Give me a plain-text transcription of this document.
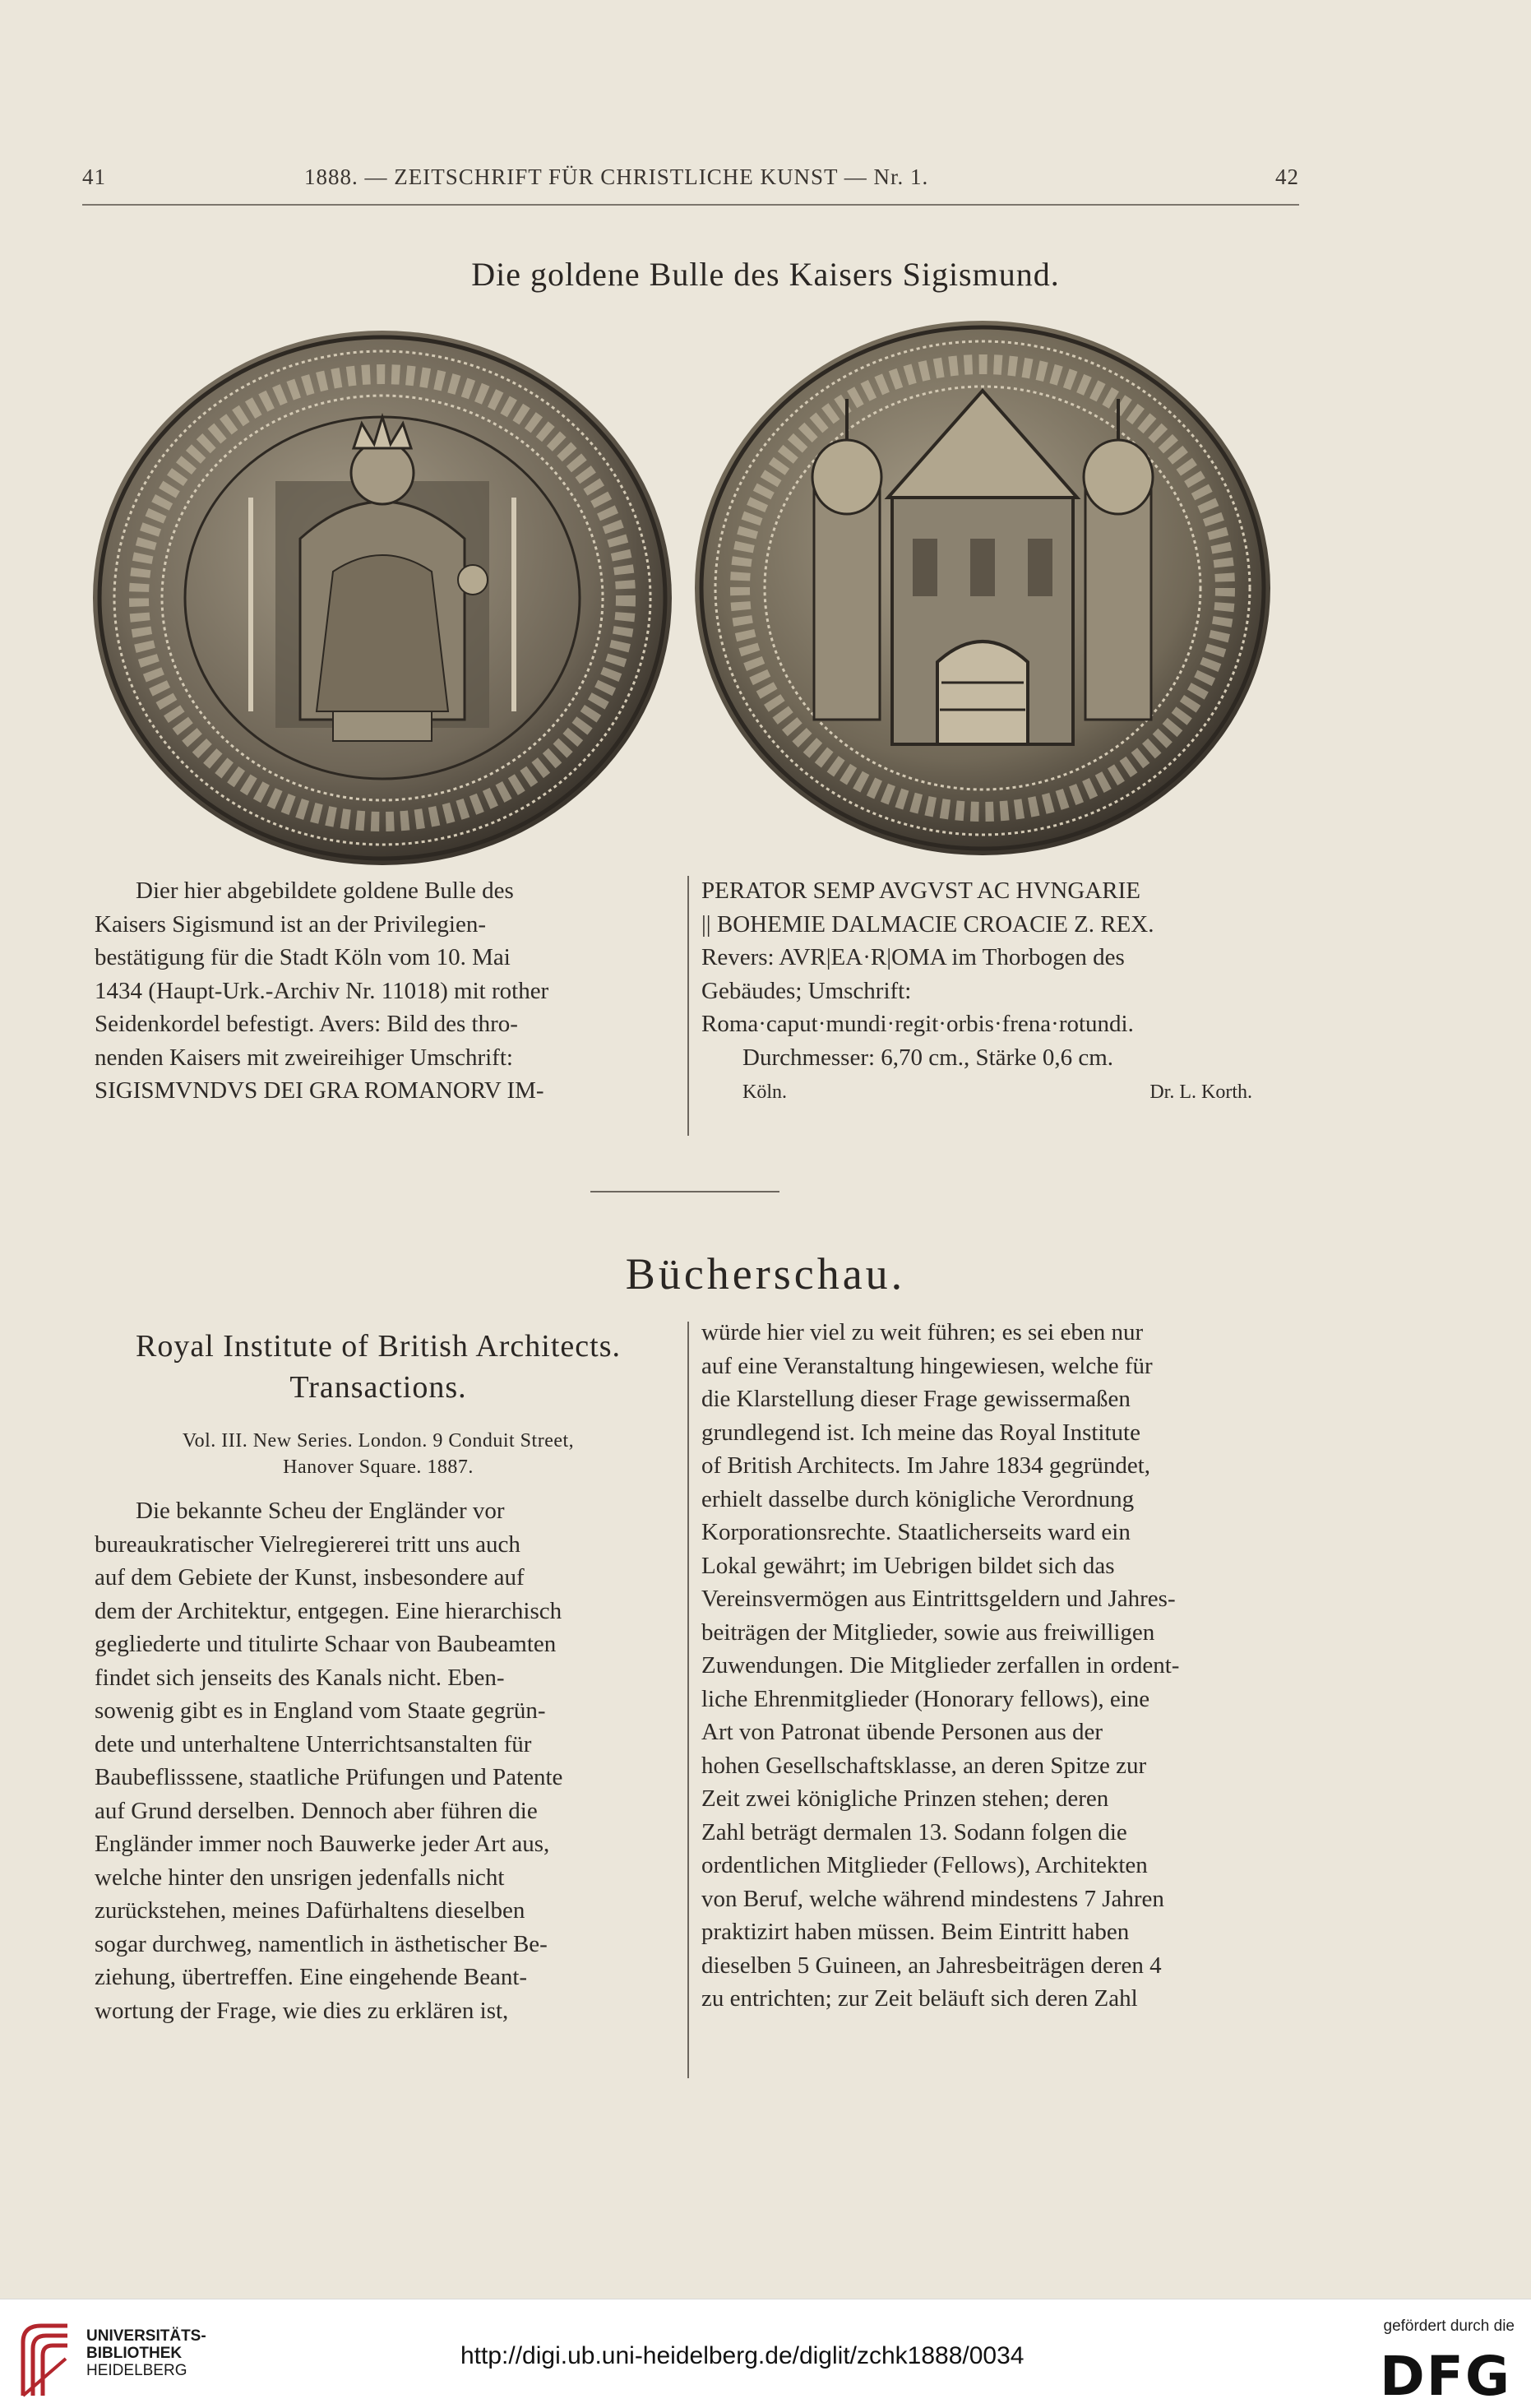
41	1888. — ZEITSCHRIFT FÜR CHRISTLICHE KUNST — Nr. 1.	42
Die goldene Bulle des Kaisers Sigismund.

Dier hier abgebildete goldene Bulle des

Kaisers Sigismund ist an der Privilegien-

bestätigung für die Stadt Köln vom 10. Mai

1434 (Haupt-Urk.-Archiv Nr. 11018) mit rother

Seidenkordel befestigt. Avers: Bild des thro-

nenden Kaisers mit zweireihiger Umschrift:

SIGISMVNDVS DEI GRA ROMANORV IM-

PERATOR SEMP AVGVST AC HVNGARIE

|| BOHEMIE DALMACIE CROACIE Z. REX.

Revers: AVR|EA·R|OMA im Thorbogen des

Gebäudes; Umschrift:

Roma·caput·mundi·regit·orbis·frena·rotundi.

Durchmesser: 6,70 cm., Stärke 0,6 cm.

Köln.	Dr. L. Korth.
Bücherschau.
Royal Institute of British Architects.
Transactions.
Vol. III. New Series. London. 9 Conduit Street,
Hanover Square. 1887.

Die bekannte Scheu der Engländer vor

bureaukratischer Vielregiererei tritt uns auch

auf dem Gebiete der Kunst, insbesondere auf

dem der Architektur, entgegen. Eine hierarchisch

gegliederte und titulirte Schaar von Baubeamten

findet sich jenseits des Kanals nicht. Eben-

sowenig gibt es in England vom Staate gegrün-

dete und unterhaltene Unterrichtsanstalten für

Baubeflisssene, staatliche Prüfungen und Patente

auf Grund derselben. Dennoch aber führen die

Engländer immer noch Bauwerke jeder Art aus,

welche hinter den unsrigen jedenfalls nicht

zurückstehen, meines Dafürhaltens dieselben

sogar durchweg, namentlich in ästhetischer Be-

ziehung, übertreffen. Eine eingehende Beant-

wortung der Frage, wie dies zu erklären ist,

würde hier viel zu weit führen; es sei eben nur

auf eine Veranstaltung hingewiesen, welche für

die Klarstellung dieser Frage gewissermaßen

grundlegend ist. Ich meine das Royal Institute

of British Architects. Im Jahre 1834 gegründet,

erhielt dasselbe durch königliche Verordnung

Korporationsrechte. Staatlicherseits ward ein

Lokal gewährt; im Uebrigen bildet sich das

Vereinsvermögen aus Eintrittsgeldern und Jahres-

beiträgen der Mitglieder, sowie aus freiwilligen

Zuwendungen. Die Mitglieder zerfallen in ordent-

liche Ehrenmitglieder (Honorary fellows), eine

Art von Patronat übende Personen aus der

hohen Gesellschaftsklasse, an deren Spitze zur

Zeit zwei königliche Prinzen stehen; deren

Zahl beträgt dermalen 13. Sodann folgen die

ordentlichen Mitglieder (Fellows), Architekten

von Beruf, welche während mindestens 7 Jahren

praktizirt haben müssen. Beim Eintritt haben

dieselben 5 Guineen, an Jahresbeiträgen deren 4

zu entrichten; zur Zeit beläuft sich deren Zahl

UNIVERSITÄTS-
BIBLIOTHEK
HEIDELBERG
http://digi.ub.uni-heidelberg.de/diglit/zchk1888/0034
gefördert durch die
DFG
